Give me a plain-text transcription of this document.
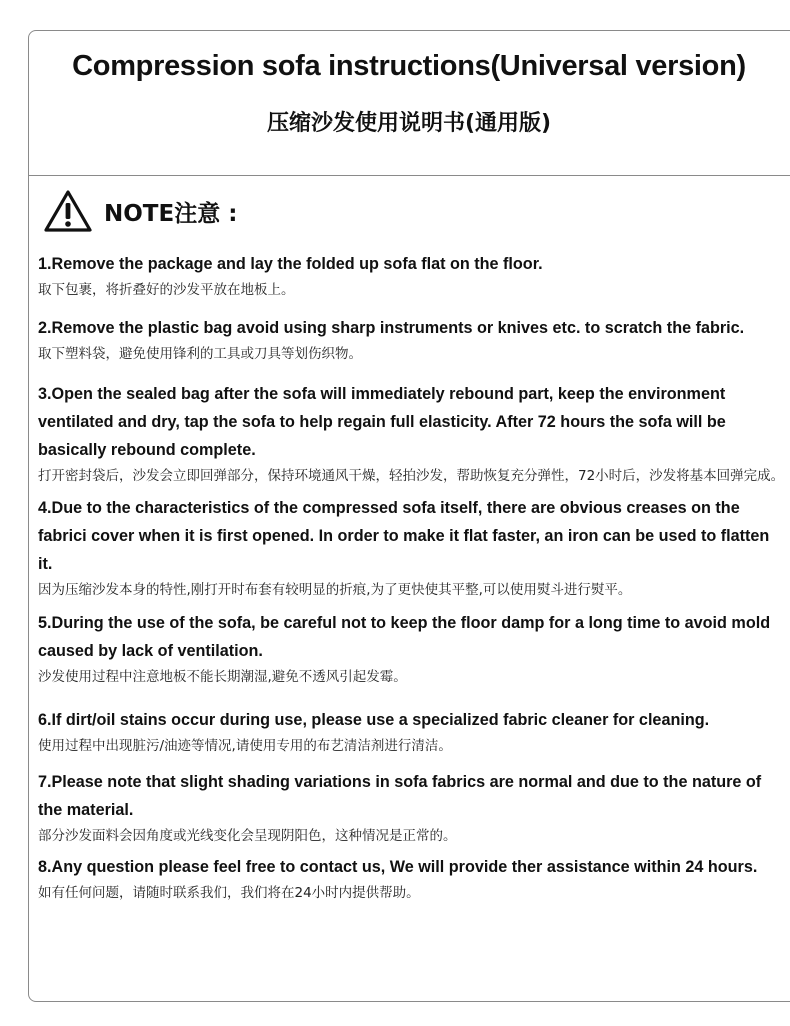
Compression sofa instructions(Universal version)
压缩沙发使用说明书(通用版)
NOTE注意 :

1.Remove the package and lay the folded up sofa flat on the floor.

取下包裹，将折叠好的沙发平放在地板上。

2.Remove the plastic bag avoid using sharp instruments or knives etc. to scratch the fabric.

取下塑料袋，避免使用锋利的工具或刀具等划伤织物。

3.Open the sealed bag after the sofa will immediately rebound part, keep the environment ventilated and dry, tap the sofa to help regain full elasticity. After 72 hours the sofa will be basically rebound complete.

打开密封袋后，沙发会立即回弹部分，保持环境通风干燥，轻拍沙发，帮助恢复充分弹性，72小时后，沙发将基本回弹完成。

4.Due to the characteristics of the compressed sofa itself, there are obvious creases on the fabrici cover when it is first opened. In order to make it flat faster, an iron can be used to flatten it.

因为压缩沙发本身的特性,刚打开时布套有较明显的折痕,为了更快使其平整,可以使用熨斗进行熨平。

5.During the use of the sofa, be careful not to keep the floor damp for a long time to avoid mold caused by lack of ventilation.

沙发使用过程中注意地板不能长期潮湿,避免不透风引起发霉。

6.If dirt/oil stains occur during use, please use a specialized fabric cleaner for cleaning.

使用过程中出现脏污/油迹等情况,请使用专用的布艺清洁剂进行清洁。

7.Please note that slight shading variations in sofa fabrics are normal and due to the nature of the material.

部分沙发面料会因角度或光线变化会呈现阴阳色，这种情况是正常的。

8.Any question please feel free to contact us, We will provide ther assistance within 24 hours.

如有任何问题，请随时联系我们，我们将在24小时内提供帮助。
